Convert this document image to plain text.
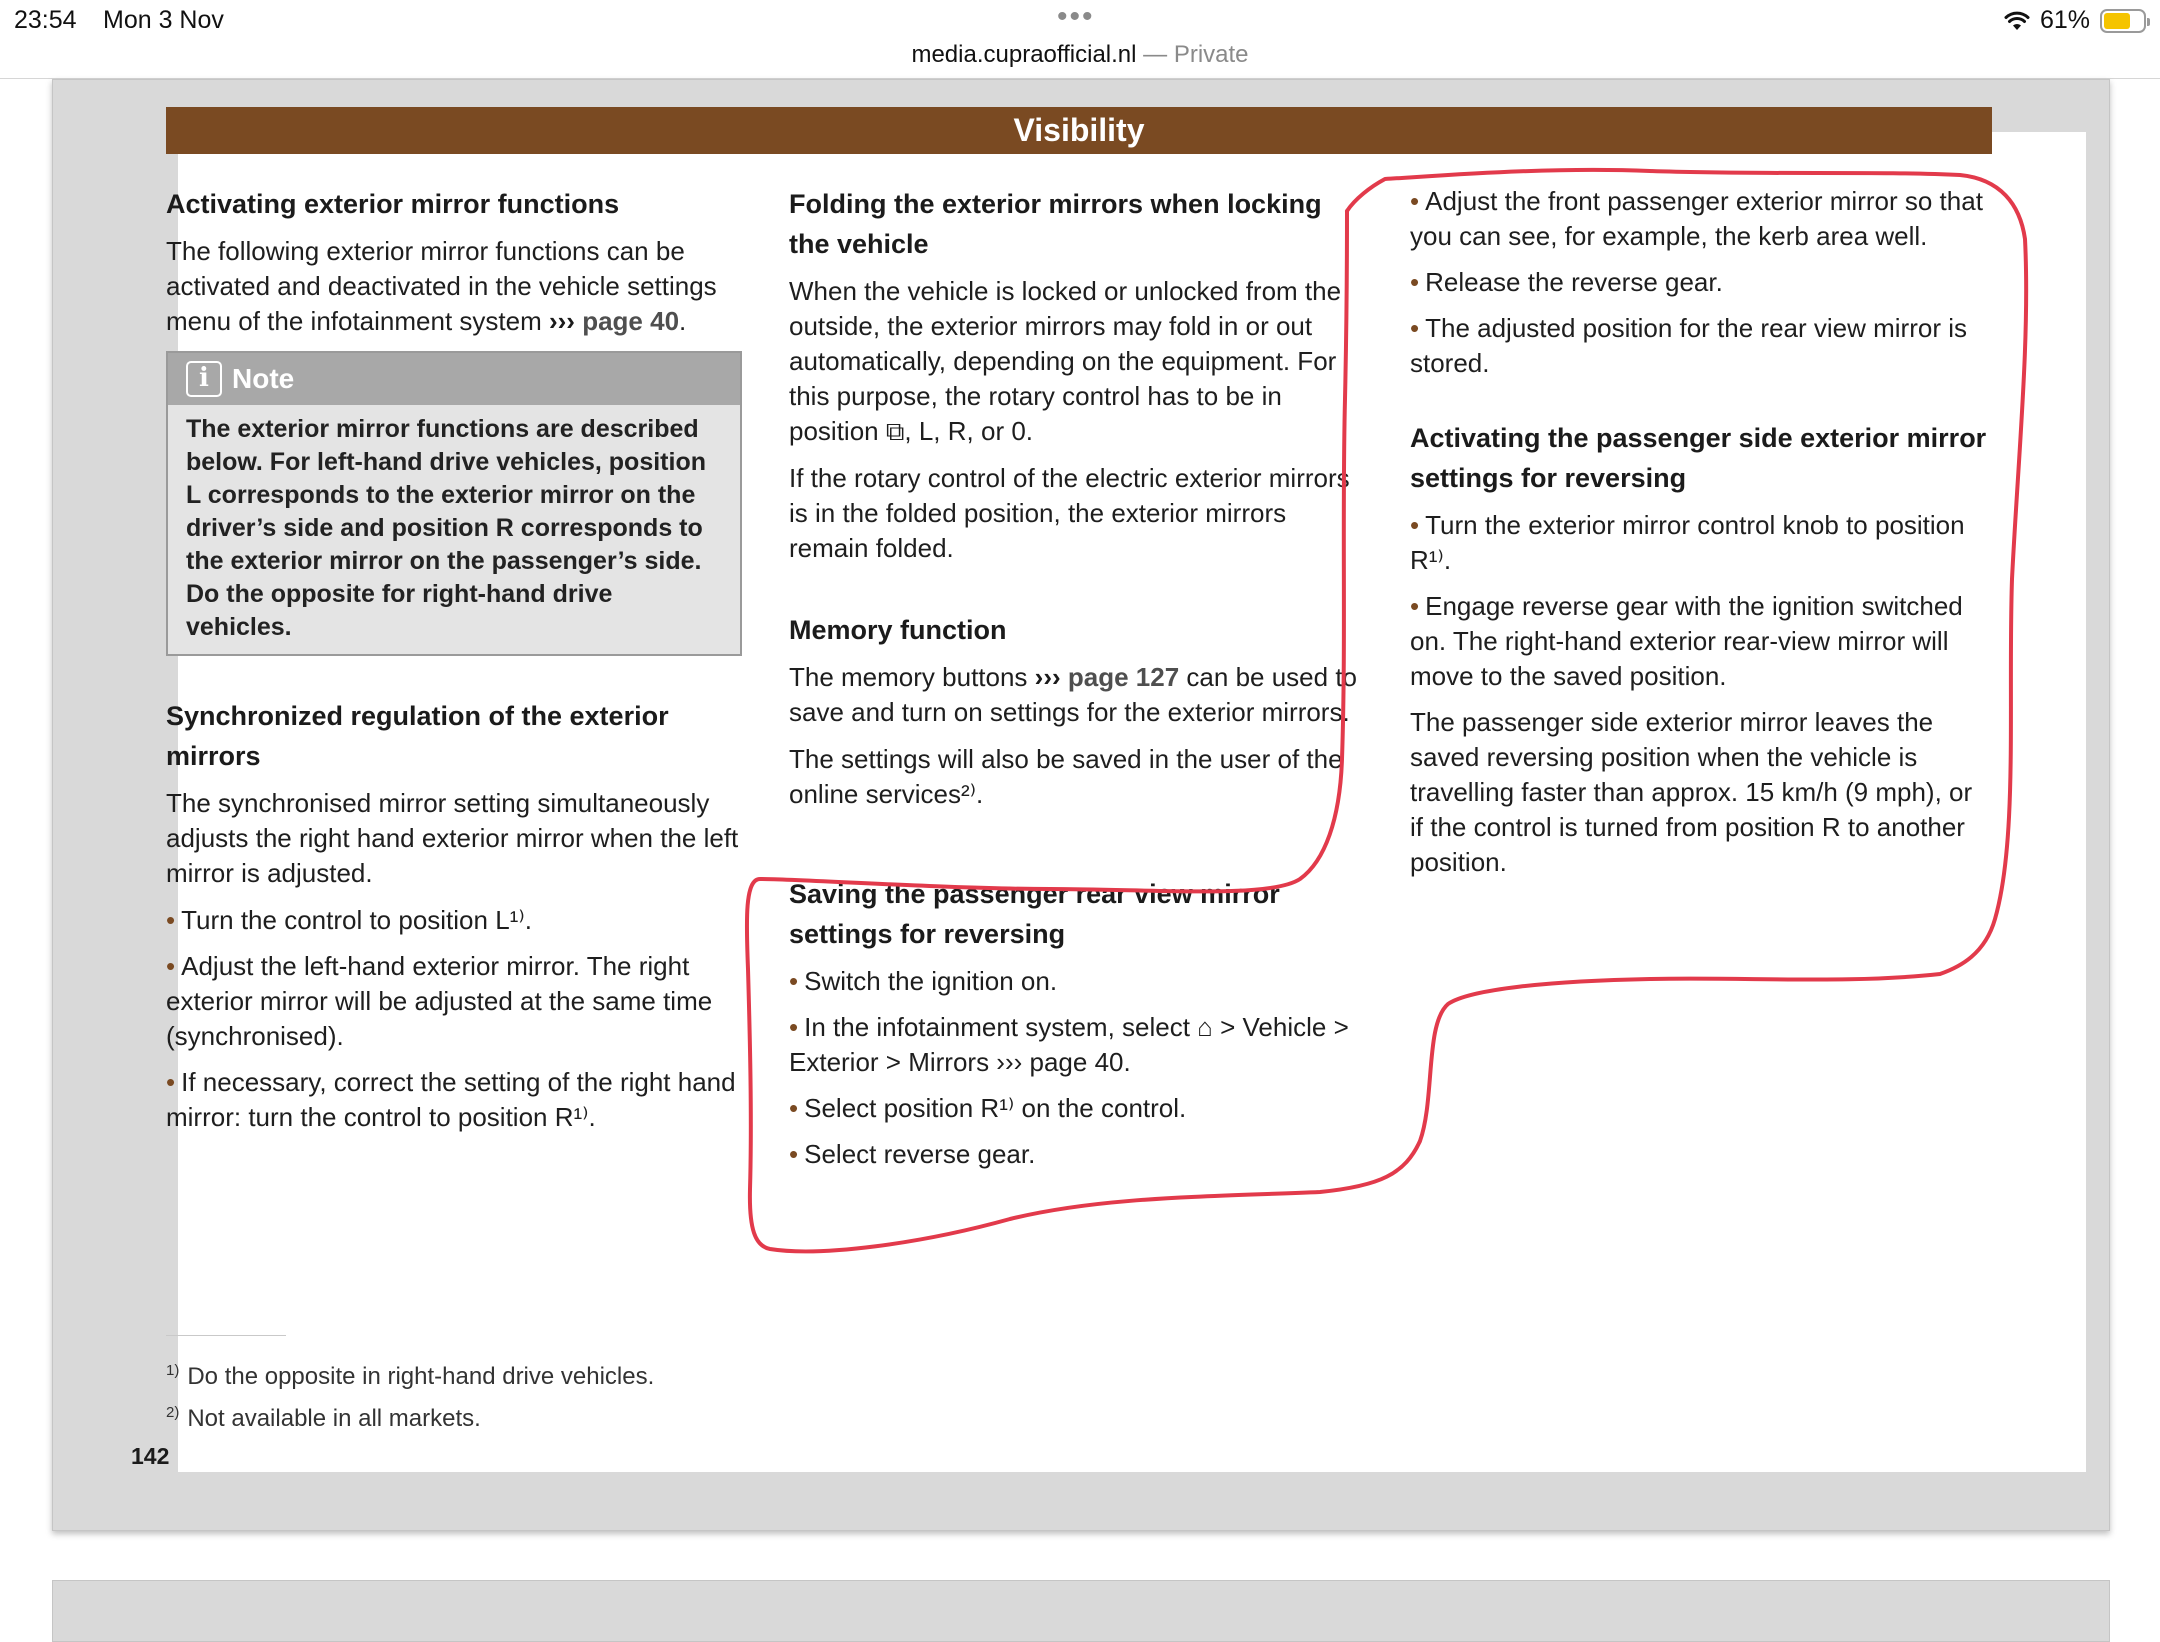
23:54 Mon 3 Nov	•••
media.cupraofficial.nl — Private
61%
142
Visibility
Activating exterior mirror functions

The following exterior mirror functions can be activated and deactivated in the vehicle settings menu of the infotainment system ››› page 40.

i Note
The exterior mirror functions are described below. For left-hand drive vehicles, position L corresponds to the exterior mirror on the driver’s side and position R corresponds to the exterior mirror on the passenger’s side. Do the opposite for right-hand drive vehicles.
Synchronized regulation of the exterior mirrors

The synchronised mirror setting simultaneously adjusts the right hand exterior mirror when the left mirror is adjusted.

• Turn the control to position L¹⁾.
• Adjust the left-hand exterior mirror. The right exterior mirror will be adjusted at the same time (synchronised).
• If necessary, correct the setting of the right hand mirror: turn the control to position R¹⁾.
Folding the exterior mirrors when locking the vehicle

When the vehicle is locked or unlocked from the outside, the exterior mirrors may fold in or out automatically, depending on the equipment. For this purpose, the rotary control has to be in position ⧉, L, R, or 0.

If the rotary control of the electric exterior mirrors is in the folded position, the exterior mirrors remain folded.

Memory function

The memory buttons ››› page 127 can be used to save and turn on settings for the exterior mirrors.

The settings will also be saved in the user of the online services²⁾.

Saving the passenger rear view mirror settings for reversing
• Switch the ignition on.
• In the infotainment system, select ⌂ > Vehicle > Exterior > Mirrors ››› page 40.
• Select position R¹⁾ on the control.
• Select reverse gear.
• Adjust the front passenger exterior mirror so that you can see, for example, the kerb area well.
• Release the reverse gear.
• The adjusted position for the rear view mirror is stored.
Activating the passenger side exterior mirror settings for reversing
• Turn the exterior mirror control knob to position R¹⁾.
• Engage reverse gear with the ignition switched on. The right-hand exterior rear-view mirror will move to the saved position.

The passenger side exterior mirror leaves the saved reversing position when the vehicle is travelling faster than approx. 15 km/h (9 mph), or if the control is turned from position R to another position.

$^{1)}$ Do the opposite in right-hand drive vehicles.
$^{2)}$ Not available in all markets.
